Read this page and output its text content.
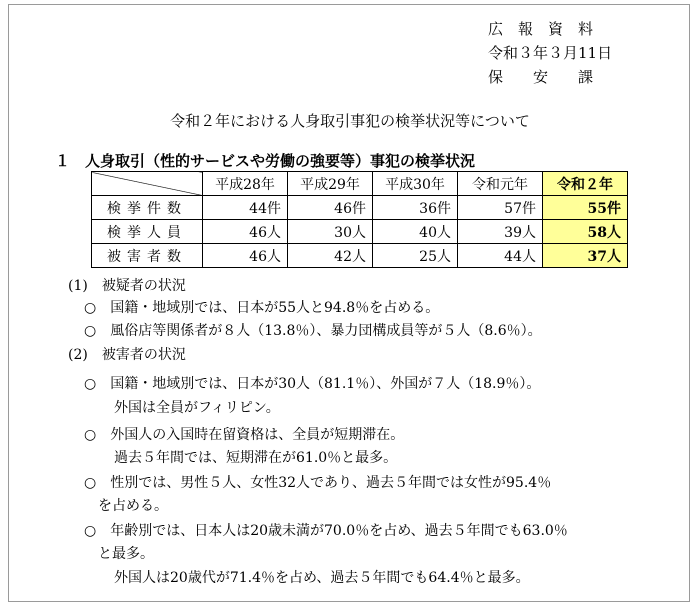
広　報　資　料
令和３年３月11日
保　　安　　課
令和２年における人身取引事犯の検挙状況等について
１　人身取引（性的サービスや労働の強要等）事犯の検挙状況
	平成28年	平成29年	平成30年	令和元年	令和２年
検挙件数	44件	46件	36件	57件	55件
検挙人員	46人	30人	40人	39人	58人
被害者数	46人	42人	25人	44人	37人
(1)　被疑者の状況
○　国籍・地域別では、日本が55人と94.8％を占める。
○　風俗店等関係者が８人（13.8％）、暴力団構成員等が５人（8.6％）。
(2)　被害者の状況
○　国籍・地域別では、日本が30人（81.1％）、外国が７人（18.9％）。
外国は全員がフィリピン。
○　外国人の入国時在留資格は、全員が短期滞在。
過去５年間では、短期滞在が61.0％と最多。
○　性別では、男性５人、女性32人であり、過去５年間では女性が95.4％
を占める。
○　年齢別では、日本人は20歳未満が70.0％を占め、過去５年間でも63.0％
と最多。
外国人は20歳代が71.4％を占め、過去５年間でも64.4％と最多。
